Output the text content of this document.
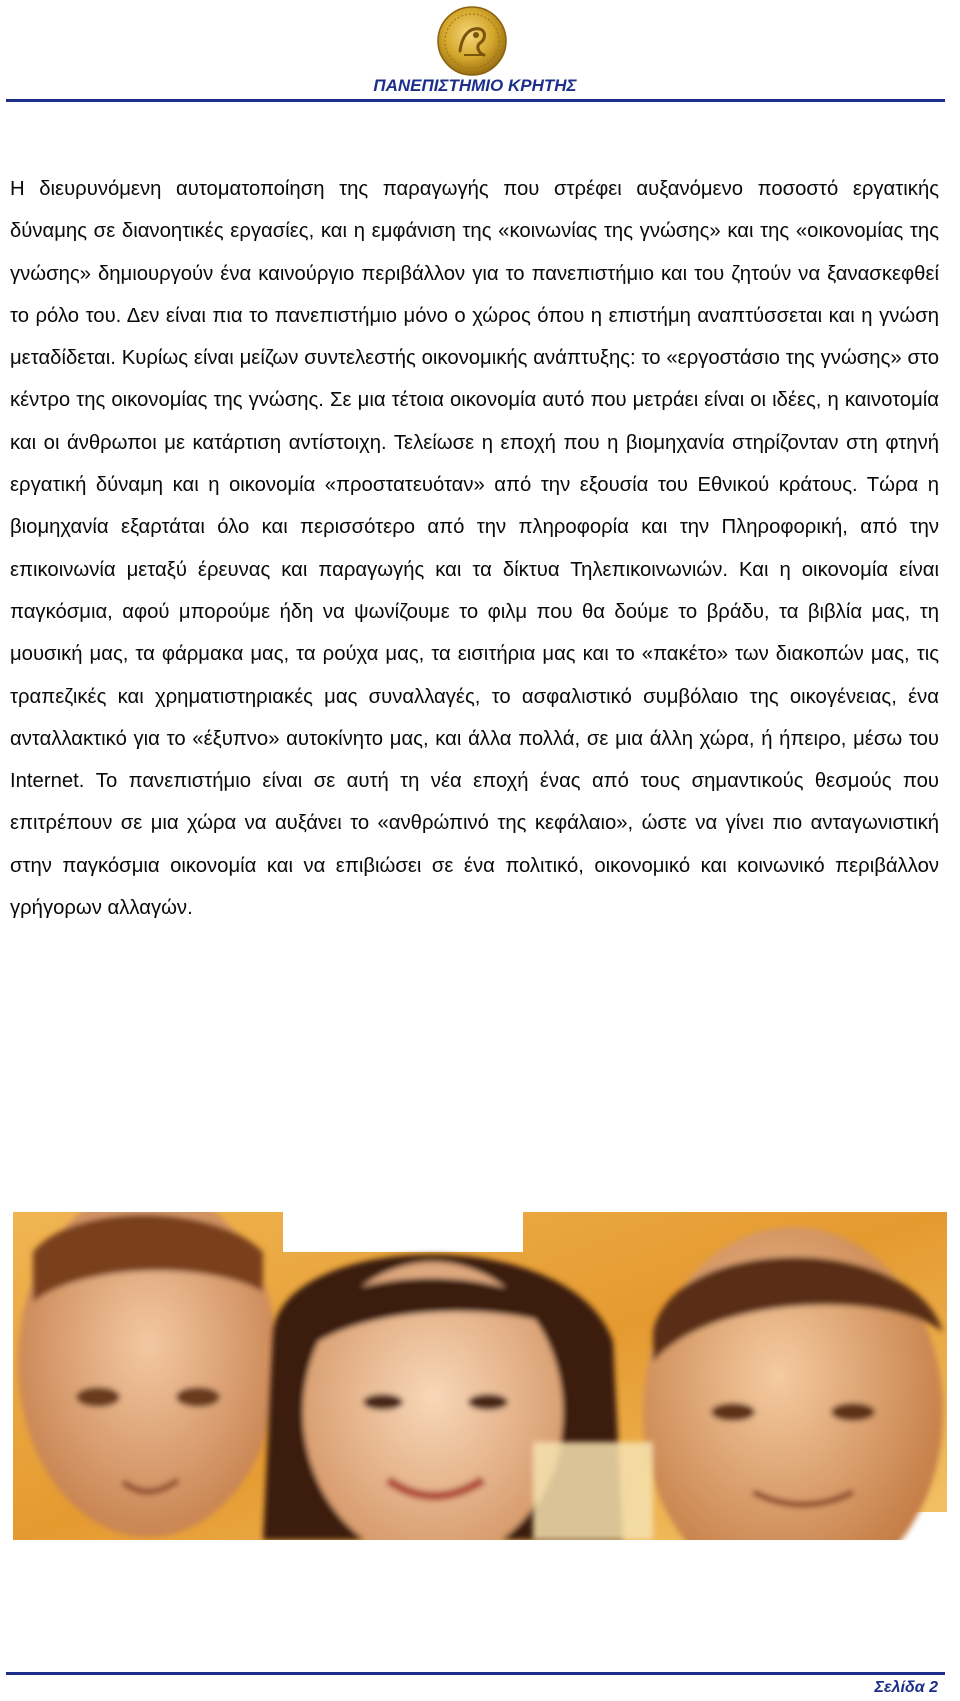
ΠΑΝΕΠΙΣΤΗΜΙΟ ΚΡΗΤΗΣ

Η διευρυνόμενη αυτοματοποίηση της παραγωγής που στρέφει αυξανόμενο ποσοστό εργατικής δύναμης σε διανοητικές εργασίες, και η εμφάνιση της «κοινωνίας της γνώσης» και της «οικονομίας της γνώσης» δημιουργούν ένα καινούργιο περιβάλλον για το πανεπιστήμιο και του ζητούν να ξανασκεφθεί το ρόλο του. Δεν είναι πια το πανεπιστήμιο μόνο ο χώρος όπου η επιστήμη αναπτύσσεται και η γνώση μεταδίδεται. Κυρίως είναι μείζων συντελεστής οικονομικής ανάπτυξης: το «εργοστάσιο της γνώσης» στο κέντρο της οικονομίας της γνώσης. Σε μια τέτοια οικονομία αυτό που μετράει είναι οι ιδέες, η καινοτομία και οι άνθρωποι με κατάρτιση αντίστοιχη. Τελείωσε η εποχή που η βιομηχανία στηρίζονταν στη φτηνή εργατική δύναμη και η οικονομία «προστατευόταν» από την εξουσία του Εθνικού κράτους. Τώρα η βιομηχανία εξαρτάται όλο και περισσότερο από την πληροφορία και την Πληροφορική, από την επικοινωνία μεταξύ έρευνας και παραγωγής και τα δίκτυα Τηλεπικοινωνιών. Και η οικονομία είναι παγκόσμια, αφού μπορούμε ήδη να ψωνίζουμε το φιλμ που θα δούμε το βράδυ, τα βιβλία μας, τη μουσική μας, τα φάρμακα μας, τα ρούχα μας, τα εισιτήρια μας και το «πακέτο» των διακοπών μας, τις τραπεζικές και χρηματιστηριακές μας συναλλαγές, το ασφαλιστικό συμβόλαιο της οικογένειας, ένα ανταλλακτικό για το «έξυπνο» αυτοκίνητο μας, και άλλα πολλά, σε μια άλλη χώρα, ή ήπειρο, μέσω του Internet. Το πανεπιστήμιο είναι σε αυτή τη νέα εποχή ένας από τους σημαντικούς θεσμούς που επιτρέπουν σε μια χώρα να αυξάνει το «ανθρώπινό της κεφάλαιο», ώστε να γίνει πιο ανταγωνιστική στην παγκόσμια οικονομία και να επιβιώσει σε ένα πολιτικό, οικονομικό και κοινωνικό περιβάλλον γρήγορων αλλαγών.

Σελίδα 2
